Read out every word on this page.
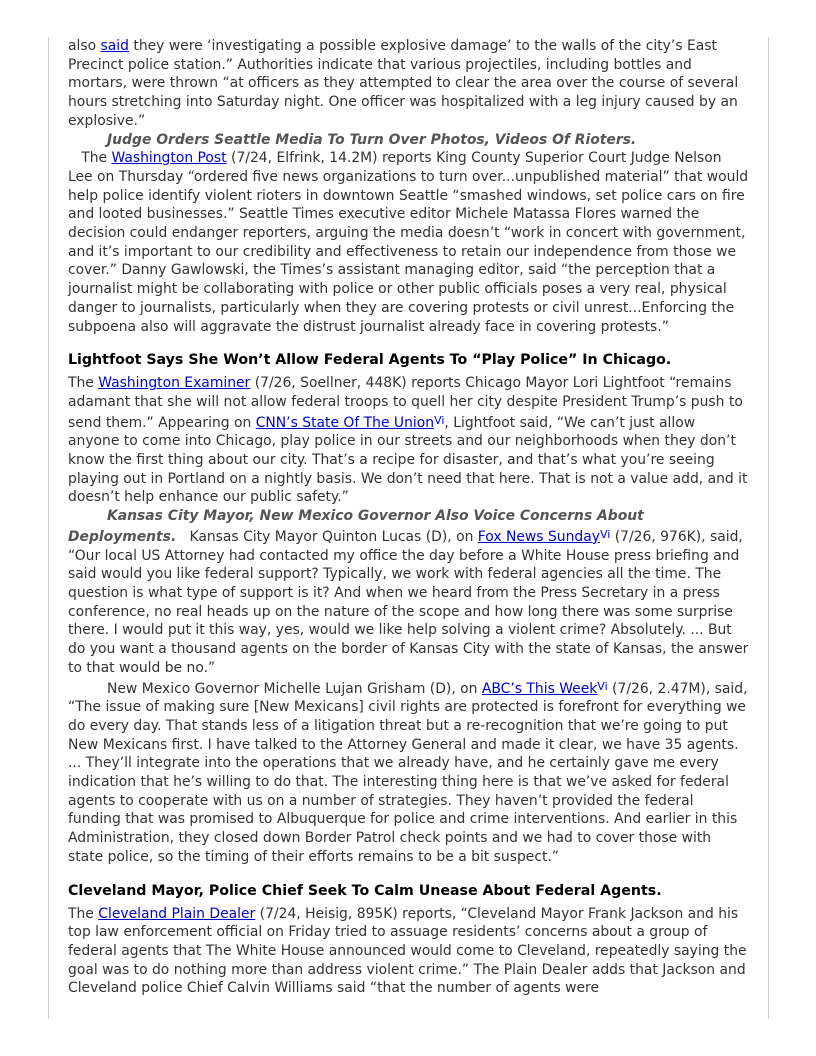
also said they were ‘investigating a possible explosive damage’ to the walls of the city’s East Precinct police station.” Authorities indicate that various projectiles, including bottles and mortars, were thrown “at officers as they attempted to clear the area over the course of several hours stretching into Saturday night. One officer was hospitalized with a leg injury caused by an explosive.”

Judge Orders Seattle Media To Turn Over Photos, Videos Of Rioters.   The Washington Post (7/24, Elfrink, 14.2M) reports King County Superior Court Judge Nelson Lee on Thursday “ordered five news organizations to turn over...unpublished material” that would help police identify violent rioters in downtown Seattle “smashed windows, set police cars on fire and looted businesses.” Seattle Times executive editor Michele Matassa Flores warned the decision could endanger reporters, arguing the media doesn’t “work in concert with government, and it’s important to our credibility and effectiveness to retain our independence from those we cover.” Danny Gawlowski, the Times’s assistant managing editor, said “the perception that a journalist might be collaborating with police or other public officials poses a very real, physical danger to journalists, particularly when they are covering protests or civil unrest...Enforcing the subpoena also will aggravate the distrust journalist already face in covering protests.”

Lightfoot Says She Won’t Allow Federal Agents To “Play Police” In Chicago.

The Washington Examiner (7/26, Soellner, 448K) reports Chicago Mayor Lori Lightfoot “remains adamant that she will not allow federal troops to quell her city despite President Trump’s push to send them.” Appearing on CNN’s State Of The Union$^{Vi}$, Lightfoot said, “We can’t just allow anyone to come into Chicago, play police in our streets and our neighborhoods when they don’t know the first thing about our city. That’s a recipe for disaster, and that’s what you’re seeing playing out in Portland on a nightly basis. We don’t need that here. That is not a value add, and it doesn’t help enhance our public safety.”

Kansas City Mayor, New Mexico Governor Also Voice Concerns About Deployments.   Kansas City Mayor Quinton Lucas (D), on Fox News Sunday$^{Vi}$ (7/26, 976K), said, “Our local US Attorney had contacted my office the day before a White House press briefing and said would you like federal support? Typically, we work with federal agencies all the time. The question is what type of support is it? And when we heard from the Press Secretary in a press conference, no real heads up on the nature of the scope and how long there was some surprise there. I would put it this way, yes, would we like help solving a violent crime? Absolutely. ... But do you want a thousand agents on the border of Kansas City with the state of Kansas, the answer to that would be no.”

New Mexico Governor Michelle Lujan Grisham (D), on ABC’s This Week$^{Vi}$ (7/26, 2.47M), said, “The issue of making sure [New Mexicans] civil rights are protected is forefront for everything we do every day. That stands less of a litigation threat but a re-recognition that we’re going to put New Mexicans first. I have talked to the Attorney General and made it clear, we have 35 agents. ... They’ll integrate into the operations that we already have, and he certainly gave me every indication that he’s willing to do that. The interesting thing here is that we’ve asked for federal agents to cooperate with us on a number of strategies. They haven’t provided the federal funding that was promised to Albuquerque for police and crime interventions. And earlier in this Administration, they closed down Border Patrol check points and we had to cover those with state police, so the timing of their efforts remains to be a bit suspect.”

Cleveland Mayor, Police Chief Seek To Calm Unease About Federal Agents.

The Cleveland Plain Dealer (7/24, Heisig, 895K) reports, “Cleveland Mayor Frank Jackson and his top law enforcement official on Friday tried to assuage residents’ concerns about a group of federal agents that The White House announced would come to Cleveland, repeatedly saying the goal was to do nothing more than address violent crime.” The Plain Dealer adds that Jackson and Cleveland police Chief Calvin Williams said “that the number of agents were
